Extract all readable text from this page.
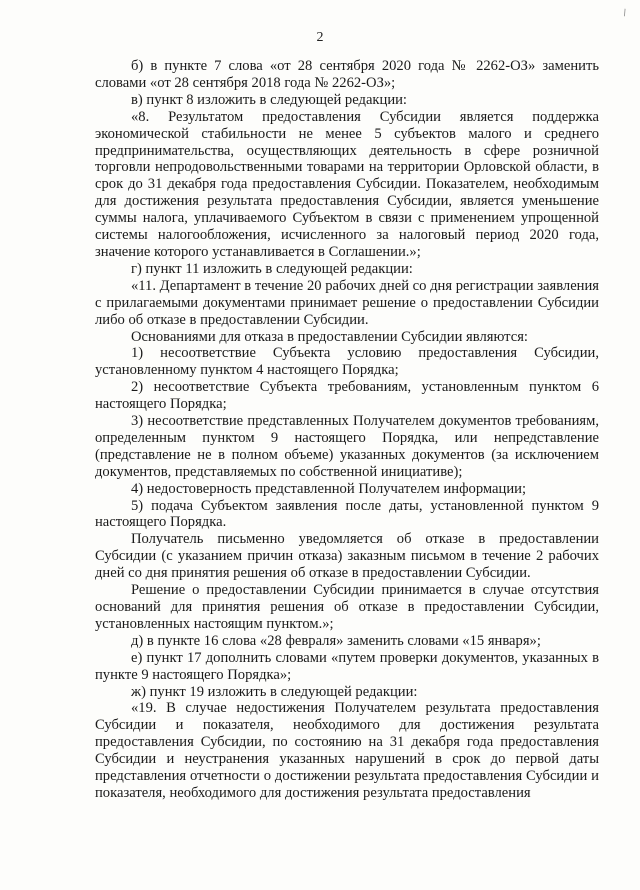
\
2

б) в пункте 7 слова «от 28 сентября 2020 года № 2262-ОЗ» заменить словами «от 28 сентября 2018 года № 2262-ОЗ»;

в) пункт 8 изложить в следующей редакции:

«8. Результатом предоставления Субсидии является поддержка экономической стабильности не менее 5 субъектов малого и среднего предпринимательства, осуществляющих деятельность в сфере розничной торговли непродовольственными товарами на территории Орловской области, в срок до 31 декабря года предоставления Субсидии. Показателем, необходимым для достижения результата предоставления Субсидии, является уменьшение суммы налога, уплачиваемого Субъектом в связи с применением упрощенной системы налогообложения, исчисленного за налоговый период 2020 года, значение которого устанавливается в Соглашении.»;

г) пункт 11 изложить в следующей редакции:

«11. Департамент в течение 20 рабочих дней со дня регистрации заявления с прилагаемыми документами принимает решение о предоставлении Субсидии либо об отказе в предоставлении Субсидии.

Основаниями для отказа в предоставлении Субсидии являются:

1) несоответствие Субъекта условию предоставления Субсидии, установленному пунктом 4 настоящего Порядка;

2) несоответствие Субъекта требованиям, установленным пунктом 6 настоящего Порядка;

3) несоответствие представленных Получателем документов требованиям, определенным пунктом 9 настоящего Порядка, или непредставление (представление не в полном объеме) указанных документов (за исключением документов, представляемых по собственной инициативе);

4) недостоверность представленной Получателем информации;

5) подача Субъектом заявления после даты, установленной пунктом 9 настоящего Порядка.

Получатель письменно уведомляется об отказе в предоставлении Субсидии (с указанием причин отказа) заказным письмом в течение 2 рабочих дней со дня принятия решения об отказе в предоставлении Субсидии.

Решение о предоставлении Субсидии принимается в случае отсутствия оснований для принятия решения об отказе в предоставлении Субсидии, установленных настоящим пунктом.»;

д) в пункте 16 слова «28 февраля» заменить словами «15 января»;

е) пункт 17 дополнить словами «путем проверки документов, указанных в пункте 9 настоящего Порядка»;

ж) пункт 19 изложить в следующей редакции:

«19. В случае недостижения Получателем результата предоставления Субсидии и показателя, необходимого для достижения результата предоставления Субсидии, по состоянию на 31 декабря года предоставления Субсидии и неустранения указанных нарушений в срок до первой даты представления отчетности о достижении результата предоставления Субсидии и показателя, необходимого для достижения результата предоставления
